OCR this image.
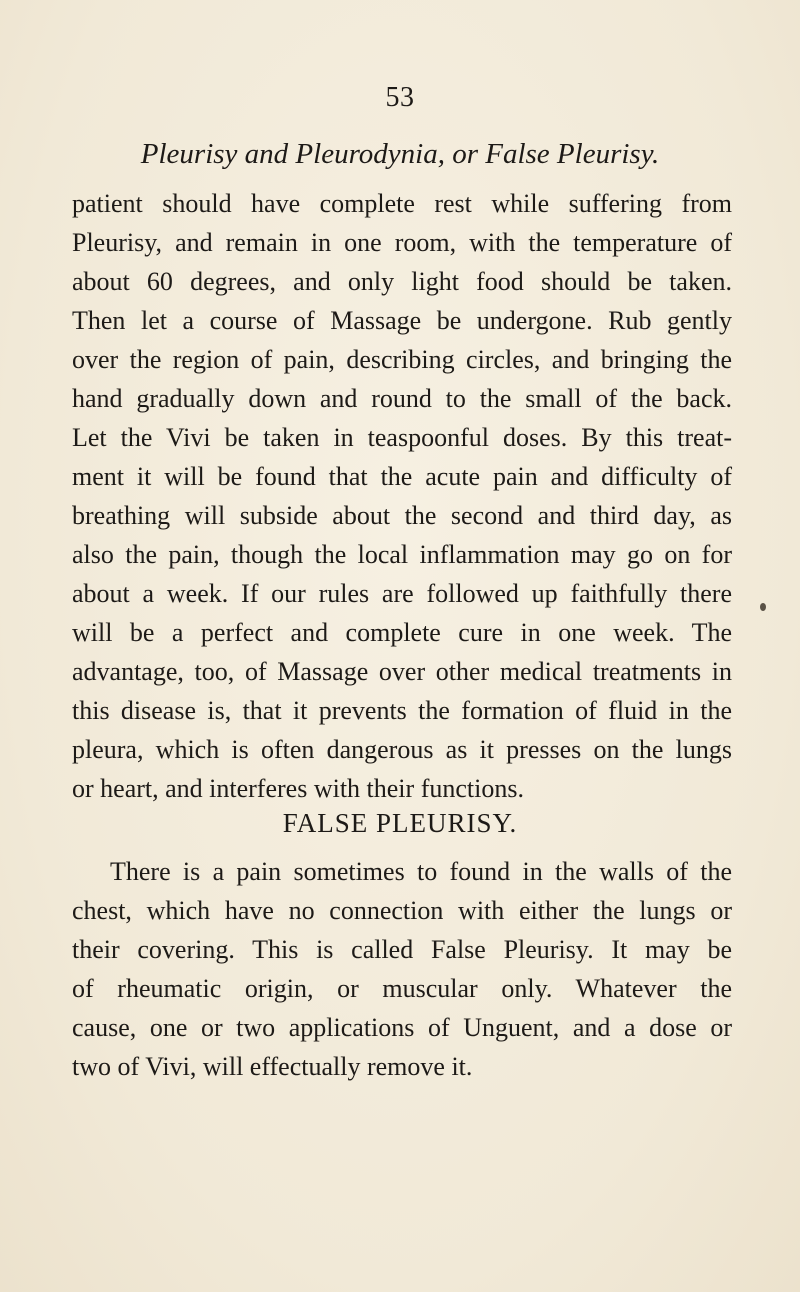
53
Pleurisy and Pleurodynia, or False Pleurisy.
patient should have complete rest while suffering from
Pleurisy, and remain in one room, with the temperature of
about 60 degrees, and only light food should be taken.
Then let a course of Massage be undergone. Rub gently
over the region of pain, describing circles, and bringing the
hand gradually down and round to the small of the back.
Let the Vivi be taken in teaspoonful doses. By this treat-
ment it will be found that the acute pain and difficulty of
breathing will subside about the second and third day, as
also the pain, though the local inflammation may go on for
about a week. If our rules are followed up faithfully there
will be a perfect and complete cure in one week. The
advantage, too, of Massage over other medical treatments in
this disease is, that it prevents the formation of fluid in the
pleura, which is often dangerous as it presses on the lungs
or heart, and interferes with their functions.
FALSE PLEURISY.
There is a pain sometimes to found in the walls of the
chest, which have no connection with either the lungs or
their covering. This is called False Pleurisy. It may be
of rheumatic origin, or muscular only. Whatever the
cause, one or two applications of Unguent, and a dose or
two of Vivi, will effectually remove it.
